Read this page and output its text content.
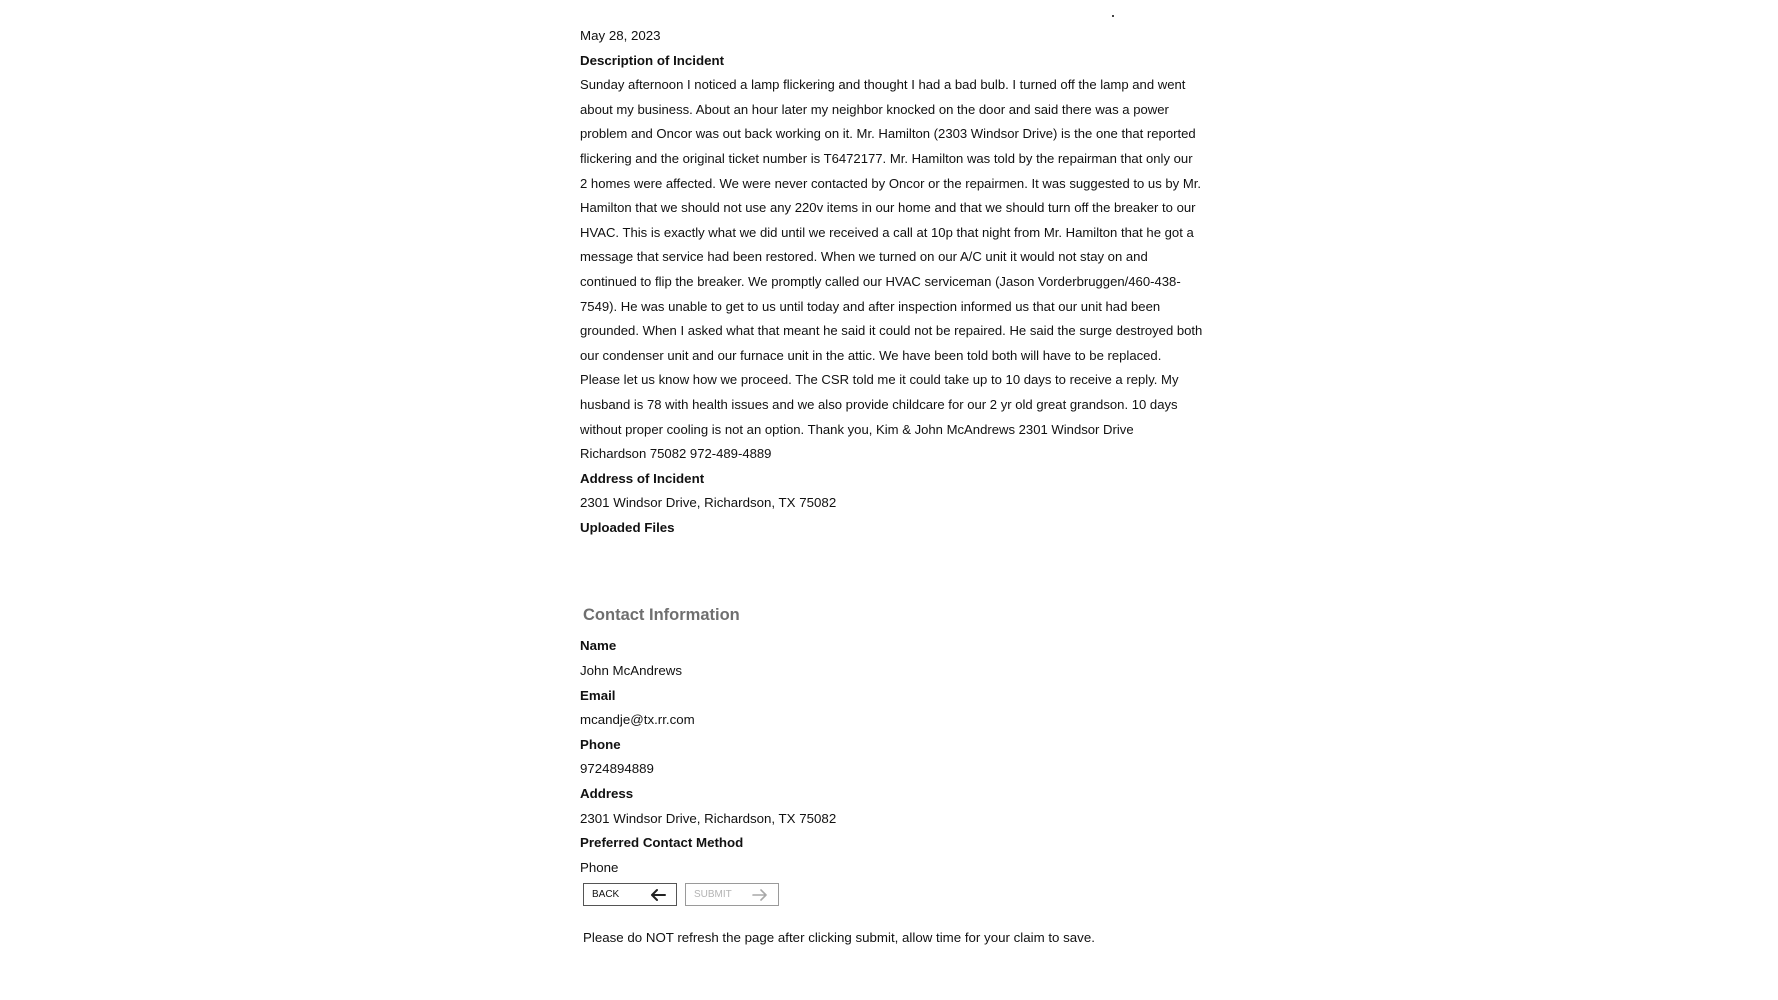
May 28, 2023
Description of Incident
Sunday afternoon I noticed a lamp flickering and thought I had a bad bulb. I turned off the lamp and went
about my business. About an hour later my neighbor knocked on the door and said there was a power
problem and Oncor was out back working on it. Mr. Hamilton (2303 Windsor Drive) is the one that reported
flickering and the original ticket number is T6472177. Mr. Hamilton was told by the repairman that only our
2 homes were affected. We were never contacted by Oncor or the repairmen. It was suggested to us by Mr.
Hamilton that we should not use any 220v items in our home and that we should turn off the breaker to our
HVAC. This is exactly what we did until we received a call at 10p that night from Mr. Hamilton that he got a
message that service had been restored. When we turned on our A/C unit it would not stay on and
continued to flip the breaker. We promptly called our HVAC serviceman (Jason Vorderbruggen/460-438-
7549). He was unable to get to us until today and after inspection informed us that our unit had been
grounded. When I asked what that meant he said it could not be repaired. He said the surge destroyed both
our condenser unit and our furnace unit in the attic. We have been told both will have to be replaced.
Please let us know how we proceed. The CSR told me it could take up to 10 days to receive a reply. My
husband is 78 with health issues and we also provide childcare for our 2 yr old great grandson. 10 days
without proper cooling is not an option. Thank you, Kim & John McAndrews 2301 Windsor Drive
Richardson 75082 972-489-4889
Address of Incident
2301 Windsor Drive, Richardson, TX 75082
Uploaded Files
Contact Information
Name
John McAndrews
Email
mcandje@tx.rr.com
Phone
9724894889
Address
2301 Windsor Drive, Richardson, TX 75082
Preferred Contact Method
Phone
BACK	SUBMIT
Please do NOT refresh the page after clicking submit, allow time for your claim to save.
